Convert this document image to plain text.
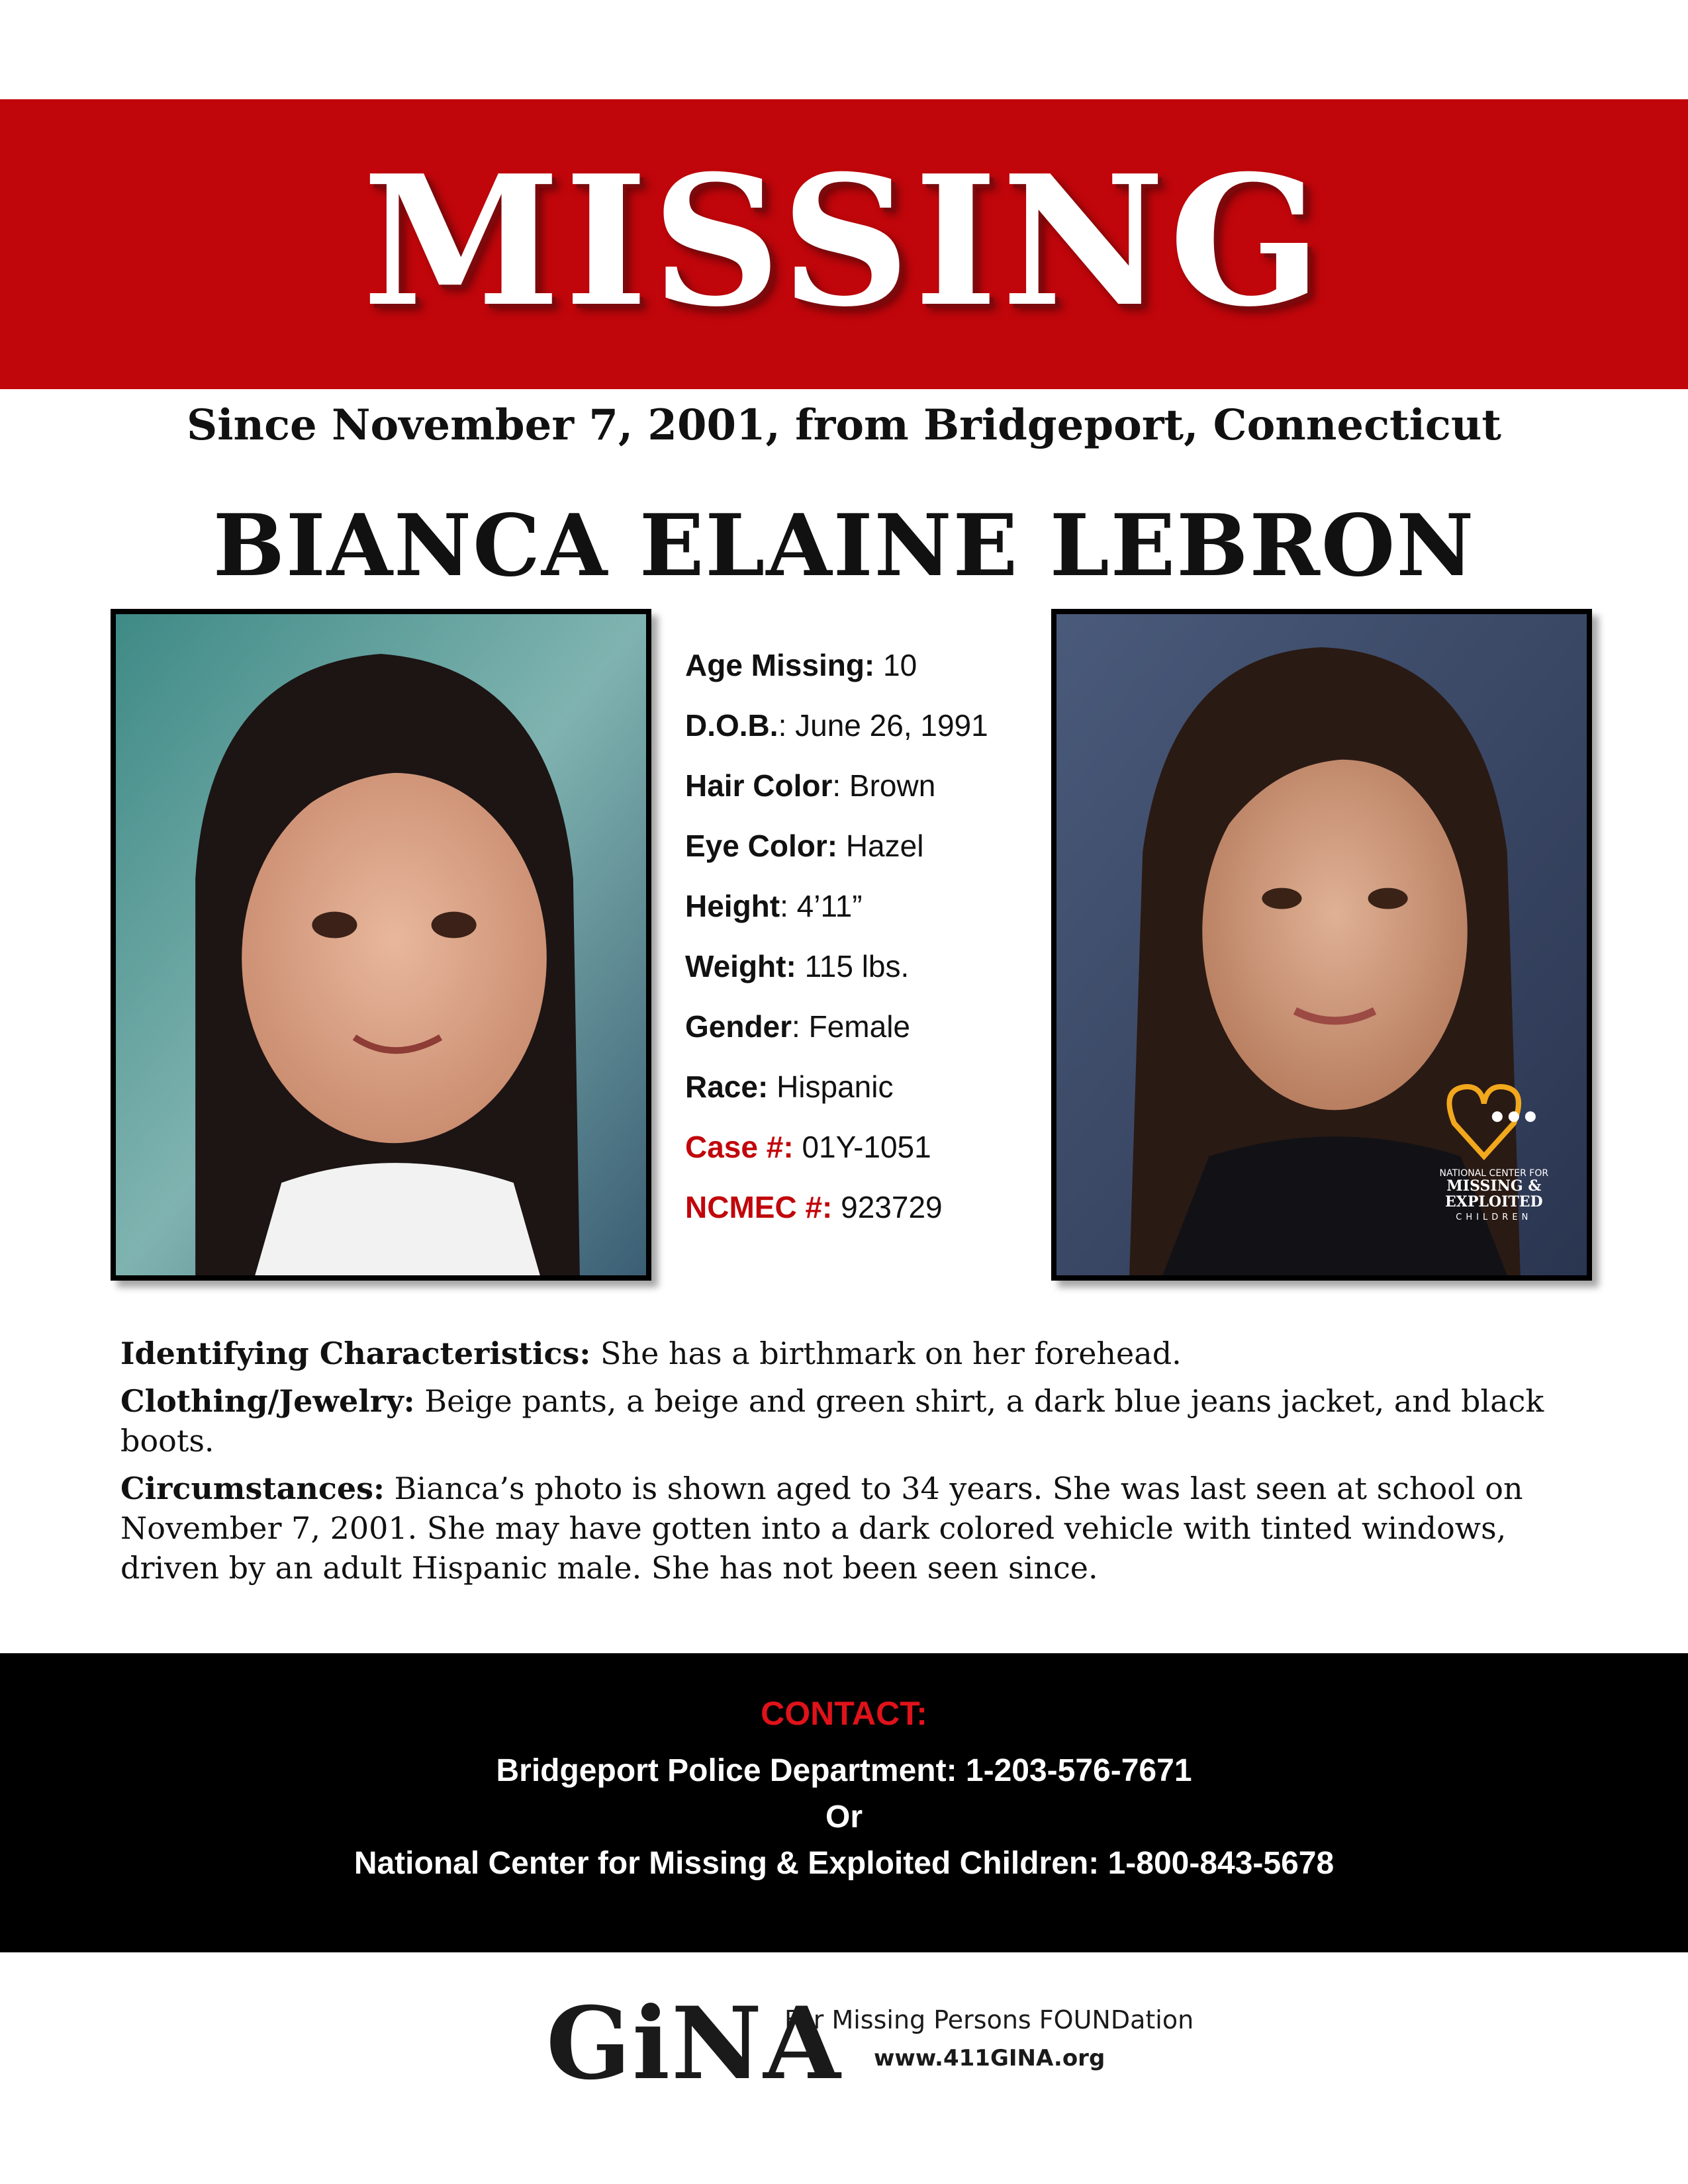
MISSING
Since November 7, 2001, from Bridgeport, Connecticut
BIANCA ELAINE LEBRON
Age Missing: 10
D.O.B.: June 26, 1991
Hair Color: Brown
Eye Color: Hazel
Height: 4’11”
Weight: 115 lbs.
Gender: Female
Race: Hispanic
Case #: 01Y-1051
NCMEC #: 923729
NATIONAL CENTER FOR
MISSING &
EXPLOITED
CHILDREN

Identifying Characteristics: She has a birthmark on her forehead.

Clothing/Jewelry: Beige pants, a beige and green shirt, a dark blue jeans jacket, and black boots.

Circumstances: Bianca’s photo is shown aged to 34 years. She was last seen at school on November 7, 2001. She may have gotten into a dark colored vehicle with tinted windows, driven by an adult Hispanic male. She has not been seen since.

CONTACT:
Bridgeport Police Department: 1-203-576-7671
Or
National Center for Missing & Exploited Children: 1-800-843-5678
GiNA
For Missing Persons FOUNDation
www.411GINA.org
